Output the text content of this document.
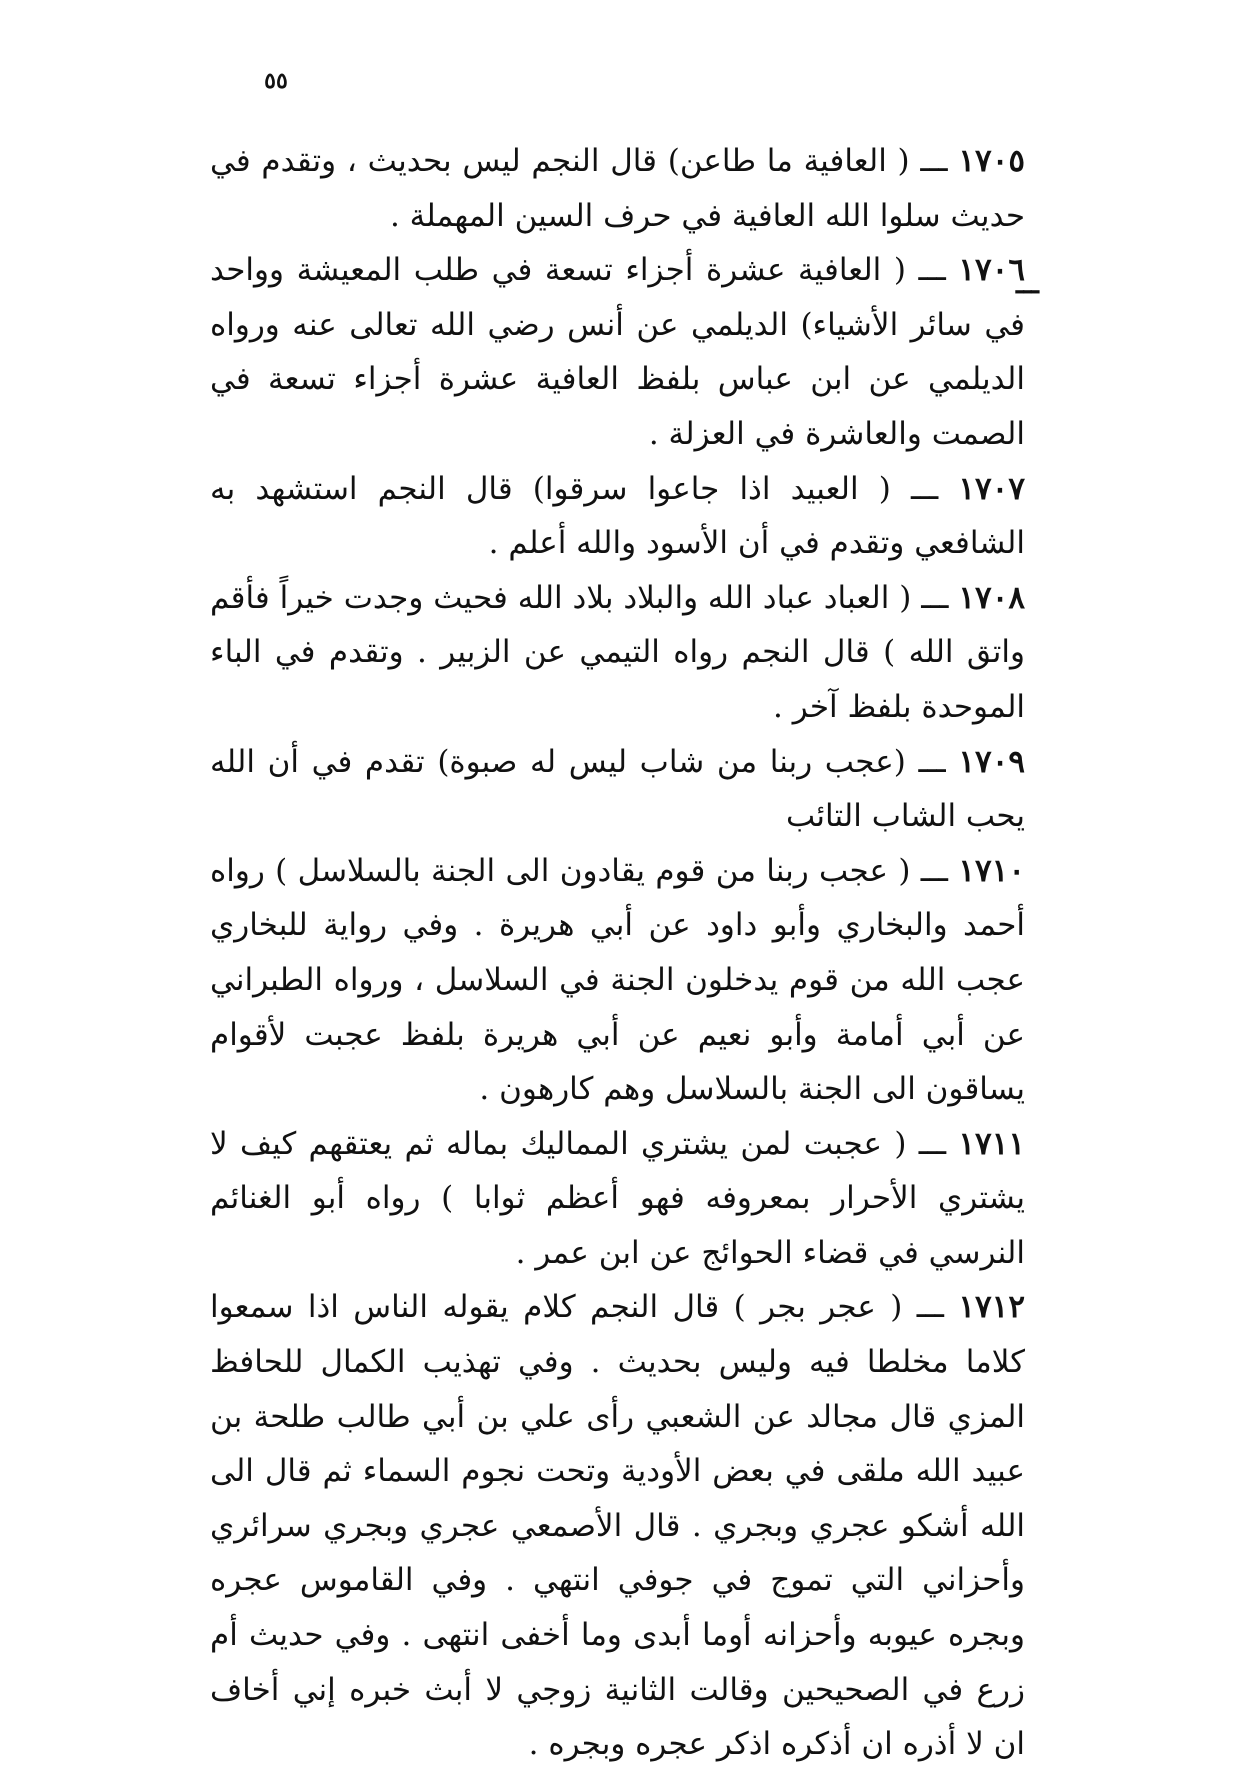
٥٥
ـــ

١٧٠٥ ـــ ( العافية ما طاعن) قال النجم ليس بحديث ، وتقدم في حديث سلوا الله العافية في حرف السين المهملة .

١٧٠٦ ـــ ( العافية عشرة أجزاء تسعة في طلب المعيشة وواحد في سائر الأشياء) الديلمي عن أنس رضي الله تعالى عنه ورواه الديلمي عن ابن عباس بلفظ العافية عشرة أجزاء تسعة في الصمت والعاشرة في العزلة .

١٧٠٧ ـــ ( العبيد اذا جاعوا سرقوا) قال النجم استشهد به الشافعي وتقدم في أن الأسود والله أعلم .

١٧٠٨ ـــ ( العباد عباد الله والبلاد بلاد الله فحيث وجدت خيراً فأقم واتق الله ) قال النجم رواه التيمي عن الزبير . وتقدم في الباء الموحدة بلفظ آخر .

١٧٠٩ ـــ (عجب ربنا من شاب ليس له صبوة) تقدم في أن الله يحب الشاب التائب

١٧١٠ ـــ ( عجب ربنا من قوم يقادون الى الجنة بالسلاسل ) رواه أحمد والبخاري وأبو داود عن أبي هريرة . وفي رواية للبخاري عجب الله من قوم يدخلون الجنة في السلاسل ، ورواه الطبراني عن أبي أمامة وأبو نعيم عن أبي هريرة بلفظ عجبت لأقوام يساقون الى الجنة بالسلاسل وهم كارهون .

١٧١١ ـــ ( عجبت لمن يشتري المماليك بماله ثم يعتقهم كيف لا يشتري الأحرار بمعروفه فهو أعظم ثوابا ) رواه أبو الغنائم النرسي في قضاء الحوائج عن ابن عمر .

١٧١٢ ـــ ( عجر بجر ) قال النجم كلام يقوله الناس اذا سمعوا كلاما مخلطا فيه وليس بحديث . وفي تهذيب الكمال للحافظ المزي قال مجالد عن الشعبي رأى علي بن أبي طالب طلحة بن عبيد الله ملقى في بعض الأودية وتحت نجوم السماء ثم قال الى الله أشكو عجري وبجري . قال الأصمعي عجري وبجري سرائري وأحزاني التي تموج في جوفي انتهي . وفي القاموس عجره وبجره عيوبه وأحزانه أوما أبدى وما أخفى انتهى . وفي حديث أم زرع في الصحيحين وقالت الثانية زوجي لا أبث خبره إني أخاف ان لا أذره ان أذكره اذكر عجره وبجره .
